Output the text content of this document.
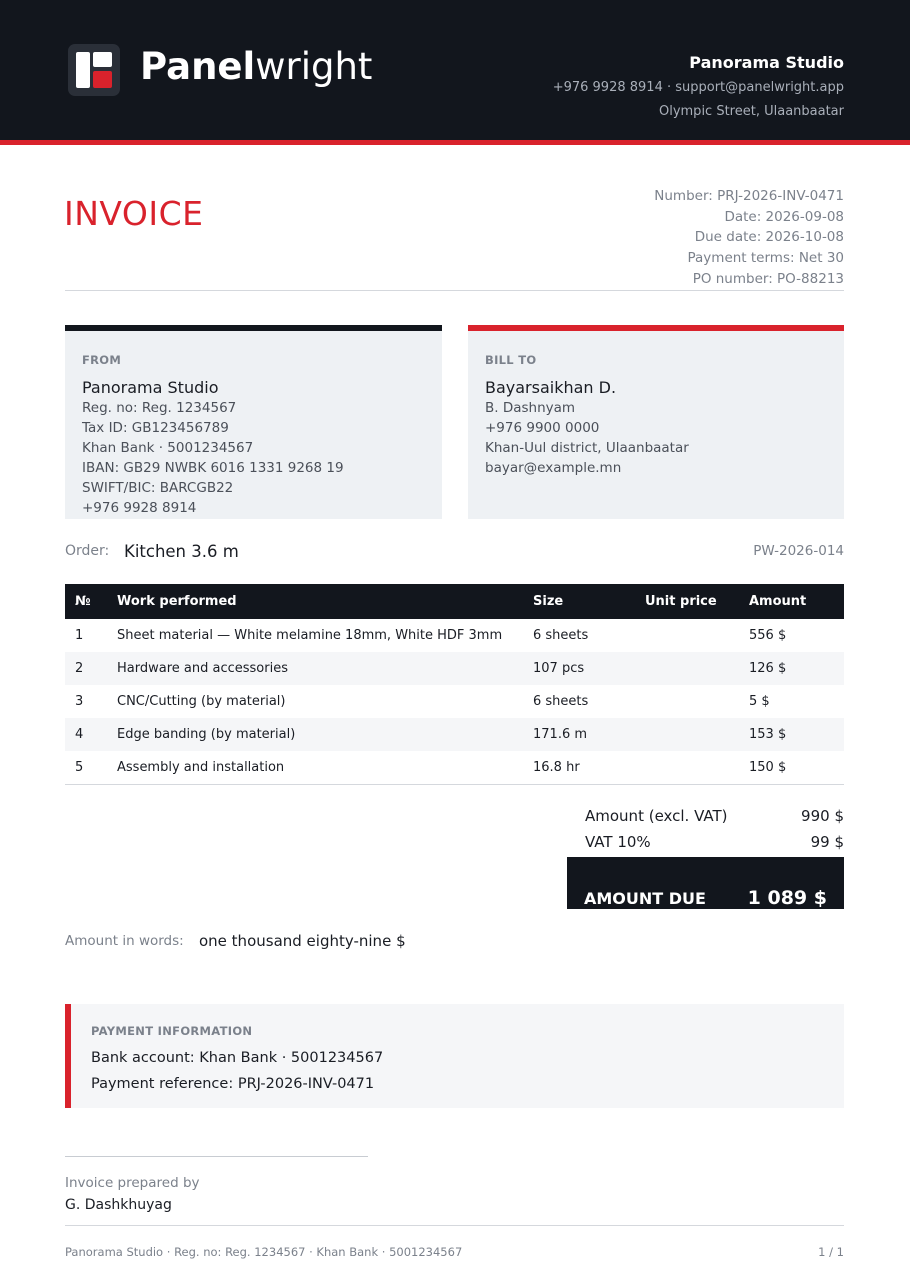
Panelwright	Panorama Studio
+976 9928 8914 · support@panelwright.app
Olympic Street, Ulaanbaatar
INVOICE	Number: PRJ-2026-INV-0471
Date: 2026-09-08
Due date: 2026-10-08
Payment terms: Net 30
PO number: PO-88213
FROM
Panorama Studio
Reg. no: Reg. 1234567
Tax ID: GB123456789
Khan Bank · 5001234567
IBAN: GB29 NWBK 6016 1331 9268 19
SWIFT/BIC: BARCGB22
+976 9928 8914
BILL TO
Bayarsaikhan D.
B. Dashnyam
+976 9900 0000
Khan-Uul district, Ulaanbaatar
bayar@example.mn
Order: Kitchen 3.6 m	PW-2026-014
№	Work performed	Size	Unit price	Amount
1	Sheet material — White melamine 18mm, White HDF 3mm	6 sheets		556 $
2	Hardware and accessories	107 pcs		126 $
3	CNC/Cutting (by material)	6 sheets		5 $
4	Edge banding (by material)	171.6 m		153 $
5	Assembly and installation	16.8 hr		150 $
Amount (excl. VAT)	990 $
VAT 10%	99 $
AMOUNT DUE 1 089 $
Amount in words: one thousand eighty-nine $
PAYMENT INFORMATION
Bank account: Khan Bank · 5001234567
Payment reference: PRJ-2026-INV-0471
Invoice prepared by
G. Dashkhuyag
Panorama Studio · Reg. no: Reg. 1234567 · Khan Bank · 5001234567	1 / 1
